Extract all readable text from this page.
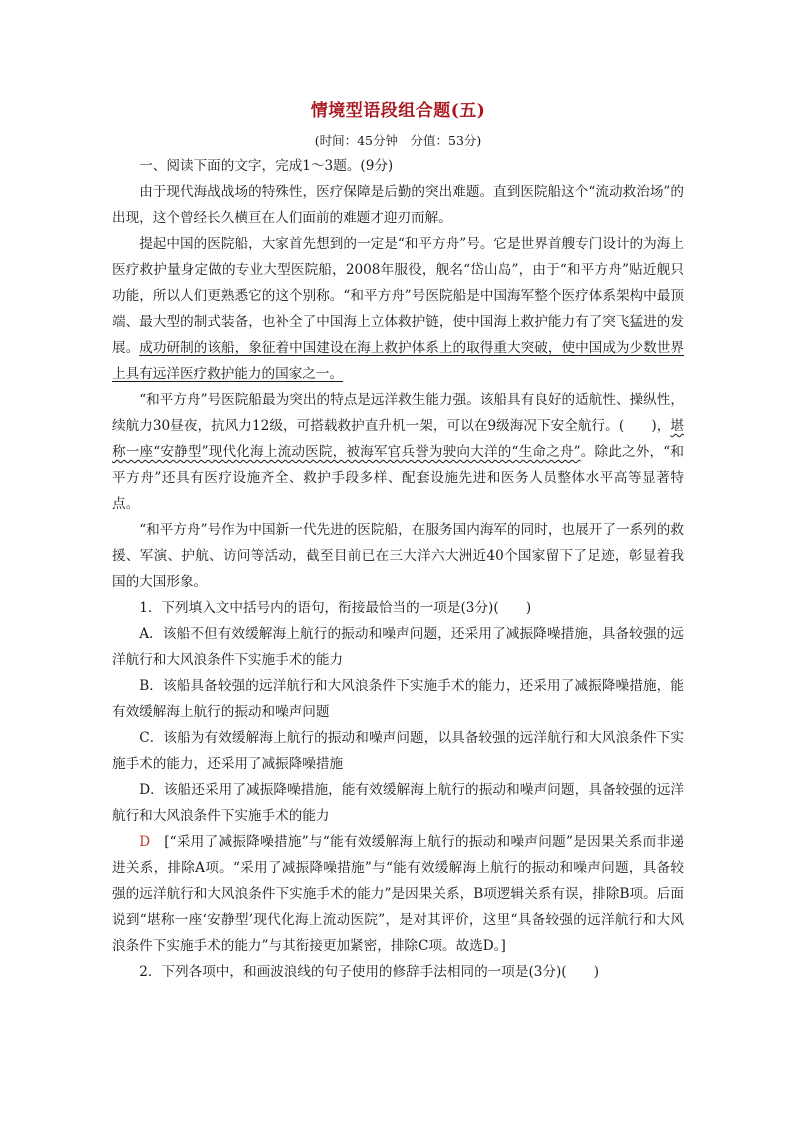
情境型语段组合题(五)
(时间：45分钟　分值：53分)

一、阅读下面的文字，完成1～3题。(9分)

由于现代海战战场的特殊性，医疗保障是后勤的突出难题。直到医院船这个“流动救治场”的出现，这个曾经长久横亘在人们面前的难题才迎刃而解。

提起中国的医院船，大家首先想到的一定是“和平方舟”号。它是世界首艘专门设计的为海上医疗救护量身定做的专业大型医院船，2008年服役，舰名“岱山岛”，由于“和平方舟”贴近舰只功能，所以人们更熟悉它的这个别称。“和平方舟”号医院船是中国海军整个医疗体系架构中最顶端、最大型的制式装备，也补全了中国海上立体救护链，使中国海上救护能力有了突飞猛进的发展。成功研制的该船，象征着中国建设在海上救护体系上的取得重大突破，使中国成为少数世界上具有远洋医疗救护能力的国家之一。

“和平方舟”号医院船最为突出的特点是远洋救生能力强。该船具有良好的适航性、操纵性，续航力30昼夜，抗风力12级，可搭载救护直升机一架，可以在9级海况下安全航行。(　　)，堪称一座“安静型”现代化海上流动医院，被海军官兵誉为驶向大洋的“生命之舟”。除此之外，“和平方舟”还具有医疗设施齐全、救护手段多样、配套设施先进和医务人员整体水平高等显著特点。

“和平方舟”号作为中国新一代先进的医院船，在服务国内海军的同时，也展开了一系列的救援、军演、护航、访问等活动，截至目前已在三大洋六大洲近40个国家留下了足迹，彰显着我国的大国形象。

1．下列填入文中括号内的语句，衔接最恰当的一项是(3分)(　　)

A．该船不但有效缓解海上航行的振动和噪声问题，还采用了减振降噪措施，具备较强的远洋航行和大风浪条件下实施手术的能力

B．该船具备较强的远洋航行和大风浪条件下实施手术的能力，还采用了减振降噪措施，能有效缓解海上航行的振动和噪声问题

C．该船为有效缓解海上航行的振动和噪声问题，以具备较强的远洋航行和大风浪条件下实施手术的能力，还采用了减振降噪措施

D．该船还采用了减振降噪措施，能有效缓解海上航行的振动和噪声问题，具备较强的远洋航行和大风浪条件下实施手术的能力

D　 [“采用了减振降噪措施”与“能有效缓解海上航行的振动和噪声问题”是因果关系而非递进关系，排除A项。“采用了减振降噪措施”与“能有效缓解海上航行的振动和噪声问题，具备较强的远洋航行和大风浪条件下实施手术的能力”是因果关系，B项逻辑关系有误，排除B项。后面说到“堪称一座‘安静型’现代化海上流动医院”，是对其评价，这里“具备较强的远洋航行和大风浪条件下实施手术的能力”与其衔接更加紧密，排除C项。故选D。]

2．下列各项中，和画波浪线的句子使用的修辞手法相同的一项是(3分)(　　)
